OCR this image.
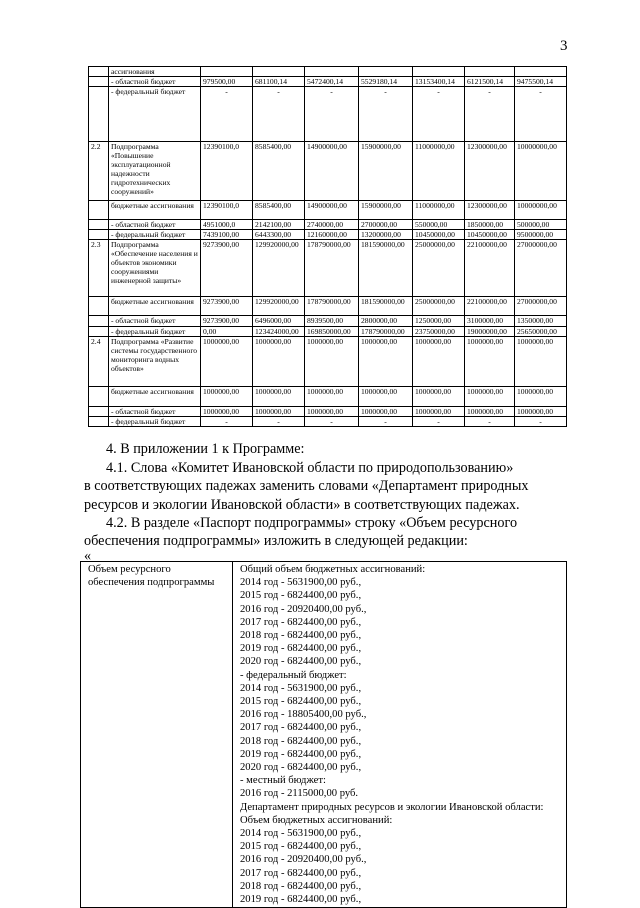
3
	ассигнования							
	- областной бюджет	979500,00	681100,14	5472400,14	5529180,14	13153400,14	6121500,14	9475500,14
	- федеральный бюджет	-	-	-	-	-	-	-
2.2	Подпрограмма «Повышение эксплуатационной надежности гидротехнических сооружений»	12390100,0	8585400,00	14900000,00	15900000,00	11000000,00	12300000,00	10000000,00
	бюджетные ассигнования	12390100,0	8585400,00	14900000,00	15900000,00	11000000,00	12300000,00	10000000,00
	- областной бюджет	4951000,0	2142100,00	2740000,00	2700000,00	550000,00	1850000,00	500000,00
	- федеральный бюджет	7439100,00	6443300,00	12160000,00	13200000,00	10450000,00	10450000,00	9500000,00
2.3	Подпрограмма «Обеспечение населения и объектов экономики сооружениями инженерной защиты»	9273900,00	129920000,00	178790000,00	181590000,00	25000000,00	22100000,00	27000000,00
	бюджетные ассигнования	9273900,00	129920000,00	178790000,00	181590000,00	25000000,00	22100000,00	27000000,00
	- областной бюджет	9273900,00	6496000,00	8939500,00	2800000,00	1250000,00	3100000,00	1350000,00
	- федеральный бюджет	0,00	123424000,00	169850000,00	178790000,00	23750000,00	19000000,00	25650000,00
2.4	Подпрограмма «Развитие системы государственного мониторинга водных объектов»	1000000,00	1000000,00	1000000,00	1000000,00	1000000,00	1000000,00	1000000,00
	бюджетные ассигнования	1000000,00	1000000,00	1000000,00	1000000,00	1000000,00	1000000,00	1000000,00
	- областной бюджет	1000000,00	1000000,00	1000000,00	1000000,00	1000000,00	1000000,00	1000000,00
	- федеральный бюджет	-	-	-	-	-	-	-
4. В приложении 1 к Программе:
4.1. Слова «Комитет Ивановской области по природопользованию»
в соответствующих падежах заменить словами «Департамент природных
ресурсов и экологии Ивановской области» в соответствующих падежах.
4.2. В разделе «Паспорт подпрограммы» строку «Объем ресурсного
обеспечения подпрограммы» изложить в следующей редакции:
«
Объем ресурсного
обеспечения подпрограммы

Общий объем бюджетных ассигнований:
2014 год - 5631900,00 руб.,
2015 год - 6824400,00 руб.,
2016 год - 20920400,00 руб.,
2017 год - 6824400,00 руб.,
2018 год - 6824400,00 руб.,
2019 год - 6824400,00 руб.,
2020 год - 6824400,00 руб.,
- федеральный бюджет:
2014 год - 5631900,00 руб.,
2015 год - 6824400,00 руб.,
2016 год - 18805400,00 руб.,
2017 год - 6824400,00 руб.,
2018 год - 6824400,00 руб.,
2019 год - 6824400,00 руб.,
2020 год - 6824400,00 руб.,
- местный бюджет:
2016 год - 2115000,00 руб.
Департамент природных ресурсов и экологии Ивановской области:
Объем бюджетных ассигнований:
2014 год - 5631900,00 руб.,
2015 год - 6824400,00 руб.,
2016 год - 20920400,00 руб.,
2017 год - 6824400,00 руб.,
2018 год - 6824400,00 руб.,
2019 год - 6824400,00 руб.,
